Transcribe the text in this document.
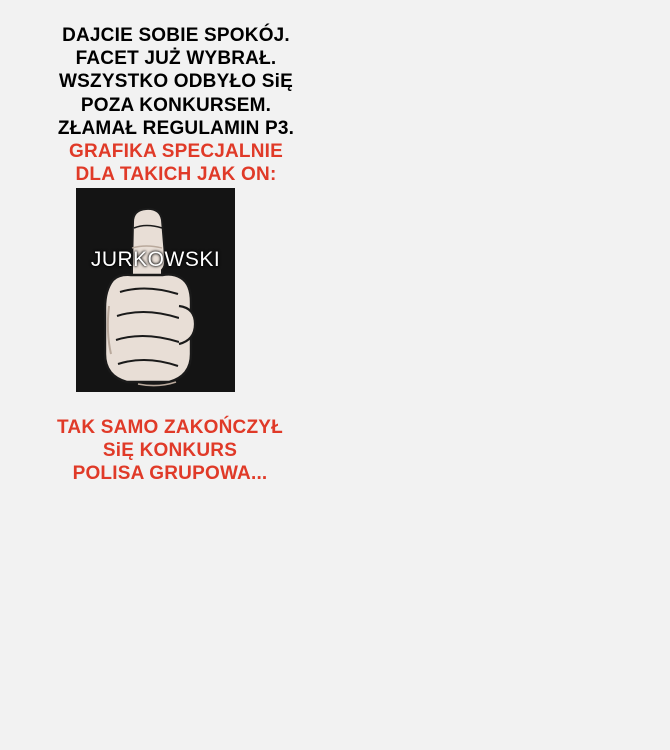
DAJCIE SOBIE SPOKÓJ.
FACET JUŻ WYBRAŁ.
WSZYSTKO ODBYŁO SiĘ
POZA KONKURSEM.
ZŁAMAŁ REGULAMIN P3.
GRAFIKA SPECJALNIE
DLA TAKICH JAK ON:
JURKOWSKI
TAK SAMO ZAKOŃCZYŁ
SiĘ KONKURS
POLISA GRUPOWA...
